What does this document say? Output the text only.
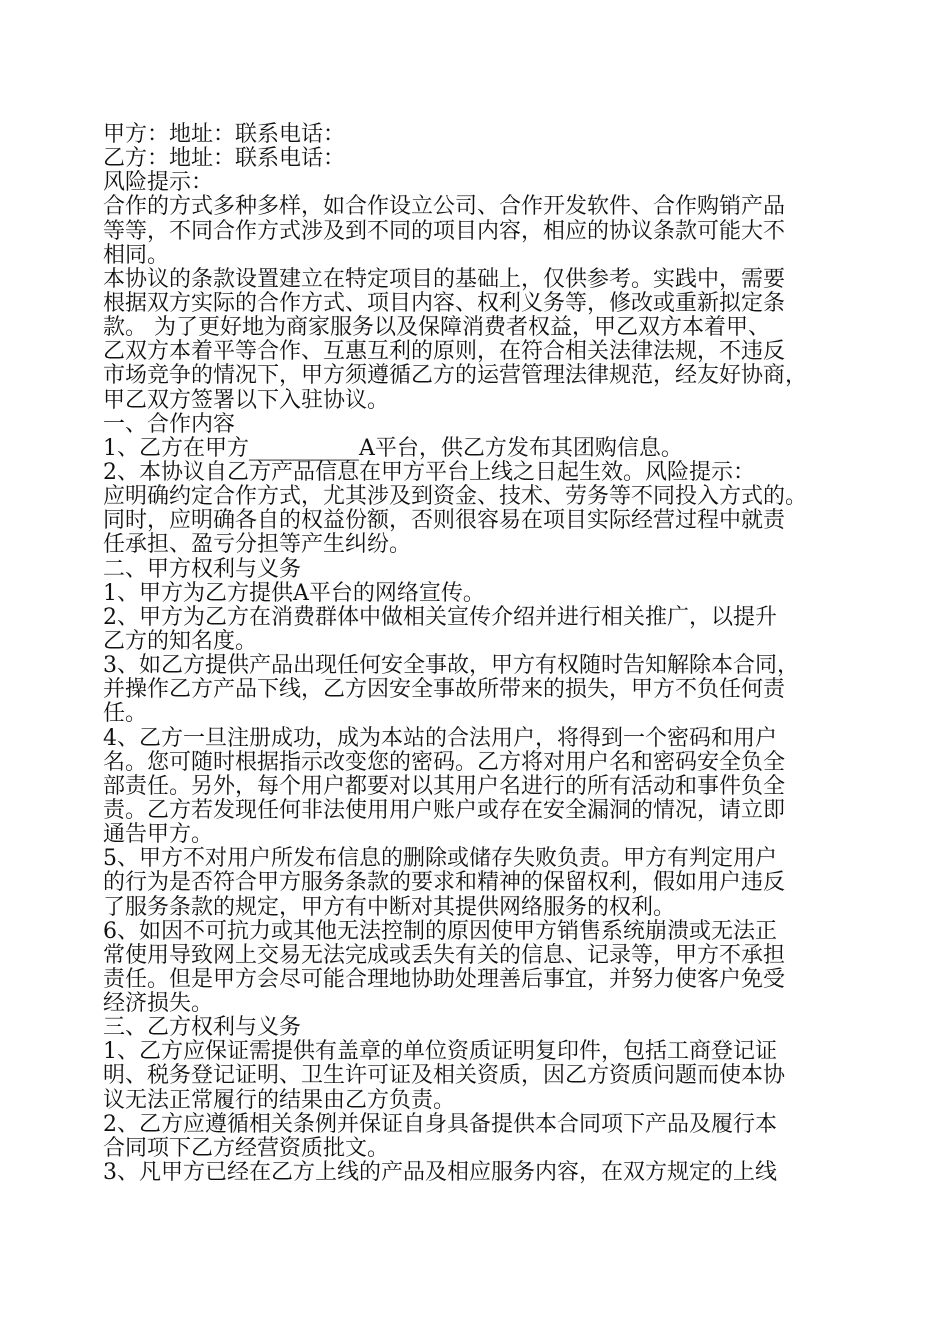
甲方：地址：联系电话：
乙方：地址：联系电话：
风险提示：
合作的方式多种多样，如合作设立公司、合作开发软件、合作购销产品
等等，不同合作方式涉及到不同的项目内容，相应的协议条款可能大不
相同。
本协议的条款设置建立在特定项目的基础上，仅供参考。实践中，需要
根据双方实际的合作方式、项目内容、权利义务等，修改或重新拟定条
款。 为了更好地为商家服务以及保障消费者权益，甲乙双方本着甲、
乙双方本着平等合作、互惠互利的原则，在符合相关法律法规，不违反
市场竞争的情况下，甲方须遵循乙方的运营管理法律规范，经友好协商，
甲乙双方签署以下入驻协议。
一、合作内容
1、乙方在甲方__________A平台，供乙方发布其团购信息。
2、本协议自乙方产品信息在甲方平台上线之日起生效。风险提示：
应明确约定合作方式，尤其涉及到资金、技术、劳务等不同投入方式的。
同时，应明确各自的权益份额，否则很容易在项目实际经营过程中就责
任承担、盈亏分担等产生纠纷。
二、甲方权利与义务
1、甲方为乙方提供A平台的网络宣传。
2、甲方为乙方在消费群体中做相关宣传介绍并进行相关推广，以提升
乙方的知名度。
3、如乙方提供产品出现任何安全事故，甲方有权随时告知解除本合同，
并操作乙方产品下线，乙方因安全事故所带来的损失，甲方不负任何责
任。
4、乙方一旦注册成功，成为本站的合法用户，将得到一个密码和用户
名。您可随时根据指示改变您的密码。乙方将对用户名和密码安全负全
部责任。另外，每个用户都要对以其用户名进行的所有活动和事件负全
责。乙方若发现任何非法使用用户账户或存在安全漏洞的情况，请立即
通告甲方。
5、甲方不对用户所发布信息的删除或储存失败负责。甲方有判定用户
的行为是否符合甲方服务条款的要求和精神的保留权利，假如用户违反
了服务条款的规定，甲方有中断对其提供网络服务的权利。
6、如因不可抗力或其他无法控制的原因使甲方销售系统崩溃或无法正
常使用导致网上交易无法完成或丢失有关的信息、记录等，甲方不承担
责任。但是甲方会尽可能合理地协助处理善后事宜，并努力使客户免受
经济损失。
三、乙方权利与义务
1、乙方应保证需提供有盖章的单位资质证明复印件，包括工商登记证
明、税务登记证明、卫生许可证及相关资质，因乙方资质问题而使本协
议无法正常履行的结果由乙方负责。
2、乙方应遵循相关条例并保证自身具备提供本合同项下产品及履行本
合同项下乙方经营资质批文。
3、凡甲方已经在乙方上线的产品及相应服务内容，在双方规定的上线
